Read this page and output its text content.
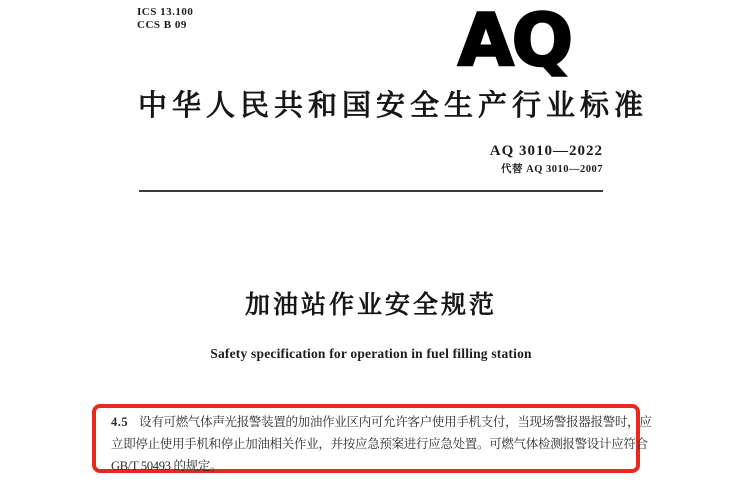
ICS 13.100
CCS B 09	AQ
中华人民共和国安全生产行业标准
AQ 3010—2022
代替 AQ 3010—2007
加油站作业安全规范
Safety specification for operation in fuel filling station
4.5 设有可燃气体声光报警装置的加油作业区内可允许客户使用手机支付，当现场警报器报警时，应
立即停止使用手机和停止加油相关作业，并按应急预案进行应急处置。可燃气体检测报警设计应符合
GB/T 50493 的规定。
